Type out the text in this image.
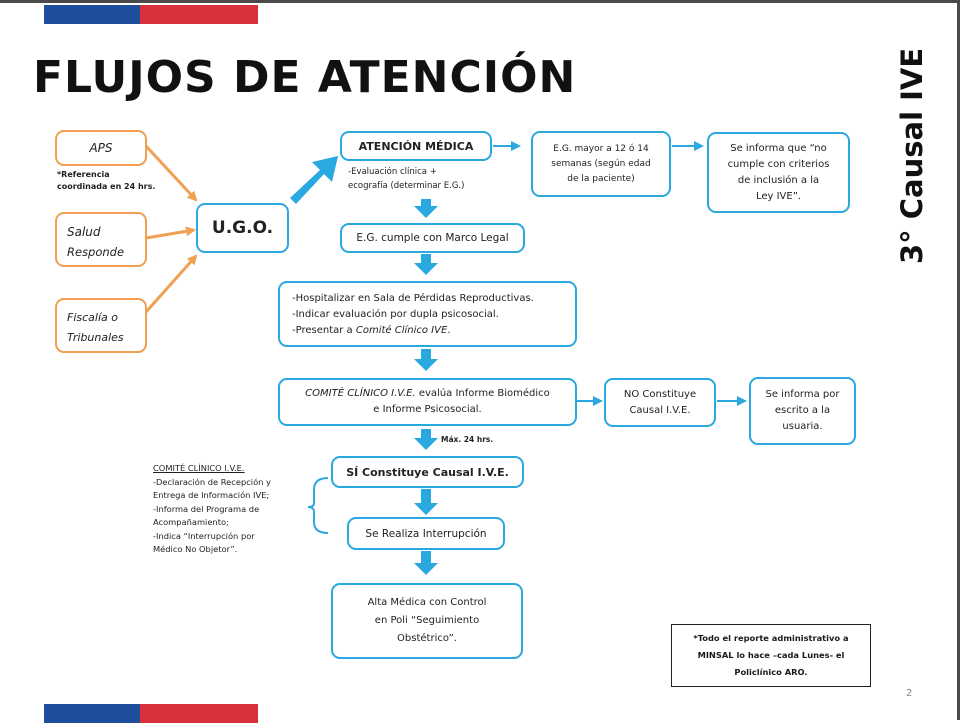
FLUJOS DE ATENCIÓN	3° Causal IVE
APS
*Referencia
coordinada en 24 hrs.
Salud
Responde
Fiscalía o
Tribunales
U.G.O.
ATENCIÓN MÉDICA
-Evaluación clínica +
ecografía (determinar E.G.)
E.G. mayor a 12 ó 14
semanas (según edad
de la paciente)
Se informa que “no
cumple con criterios
de inclusión a la
Ley IVE”.
E.G. cumple con Marco Legal
-Hospitalizar en Sala de Pérdidas Reproductivas.
-Indicar evaluación por dupla psicosocial.
-Presentar a Comité Clínico IVE.
COMITÉ CLÍNICO I.V.E. evalúa Informe Biomédico
e Informe Psicosocial.
NO Constituye
Causal I.V.E.
Se informa por
escrito a la
usuaria.
Máx. 24 hrs.
SÍ Constituye Causal I.V.E.
Se Realiza Interrupción
COMITÉ CLÍNICO I.V.E.
-Declaración de Recepción y
Entrega de Información IVE;
-Informa del Programa de
Acompañamiento;
-Indica “Interrupción por
Médico No Objetor”.
Alta Médica con Control
en Poli “Seguimiento
Obstétrico”.	*Todo el reporte administrativo a
MINSAL lo hace –cada Lunes- el
Policlínico ARO.
2
